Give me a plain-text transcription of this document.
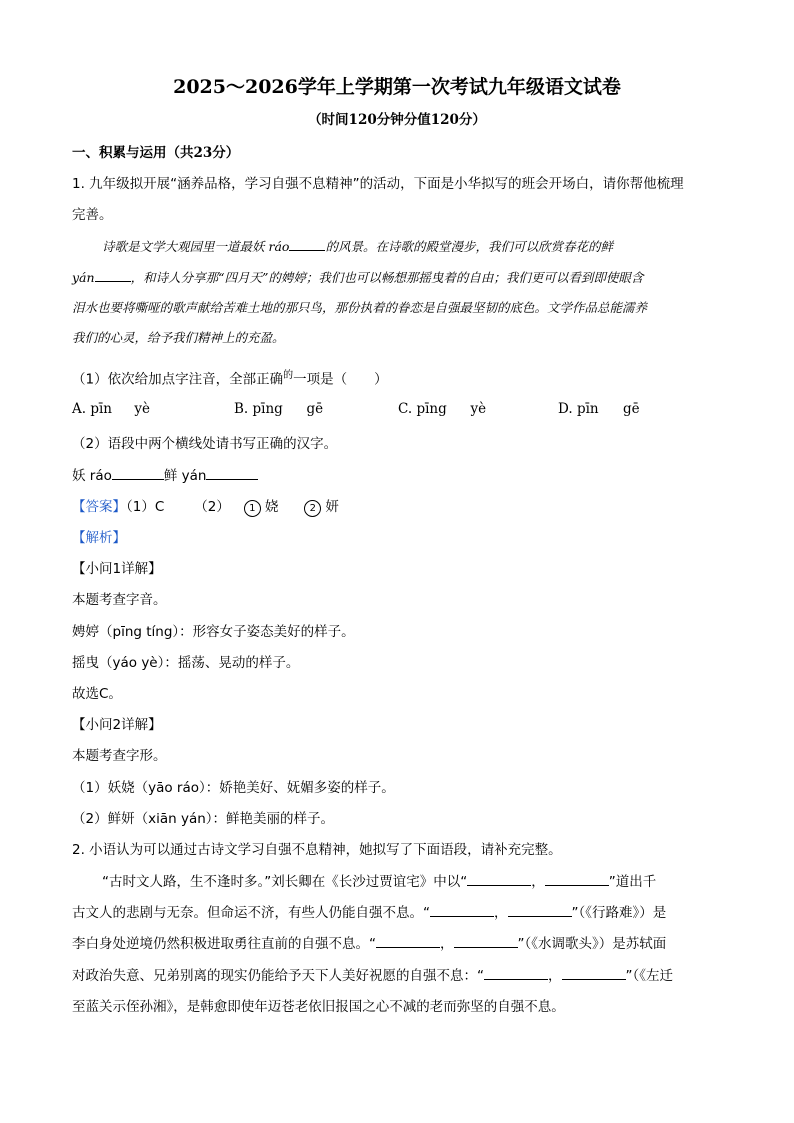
2025～2026学年上学期第一次考试九年级语文试卷
（时间120分钟分值120分）
一、积累与运用（共23分）
1. 九年级拟开展“涵养品格，学习自强不息精神”的活动，下面是小华拟写的班会开场白，请你帮他梳理
完善。
诗歌是文学大观园里一道最妖 ráo	的风景。在诗歌的殿堂漫步，我们可以欣赏春花的鲜
yán	，和诗人分享那“四月天”的娉婷；我们也可以畅想那摇曳着的自由；我们更可以看到即使眼含
泪水也要将嘶哑的歌声献给苦难土地的那只鸟，那份执着的眷恋是自强最坚韧的底色。文学作品总能濡养
我们的心灵，给予我们精神上的充盈。
（1）依次给加点字注音，全部正确$^的$一项是（　　）
A. pīn yè	B. pīng gē	C. pīng yè	D. pīn gē
（2）语段中两个横线处请书写正确的汉字。
妖 ráo	鲜 yán
【答案】（1）C （2） 1 娆	2 妍
【解析】
【小问1详解】
本题考查字音。
娉婷（pīng tíng）：形容女子姿态美好的样子。
摇曳（yáo yè）：摇荡、晃动的样子。
故选C。
【小问2详解】
本题考查字形。
（1）妖娆（yāo ráo）：娇艳美好、妩媚多姿的样子。
（2）鲜妍（xiān yán）：鲜艳美丽的样子。
2. 小语认为可以通过古诗文学习自强不息精神，她拟写了下面语段，请补充完整。
“古时文人路，生不逢时多。”刘长卿在《长沙过贾谊宅》中以“	，	”道出千
古文人的悲剧与无奈。但命运不济，有些人仍能自强不息。“	，	”（《行路难》）是
李白身处逆境仍然积极进取勇往直前的自强不息。“	，	”（《水调歌头》）是苏轼面
对政治失意、兄弟别离的现实仍能给予天下人美好祝愿的自强不息：“	，	”（《左迁
至蓝关示侄孙湘》，是韩愈即使年迈苍老依旧报国之心不减的老而弥坚的自强不息。
